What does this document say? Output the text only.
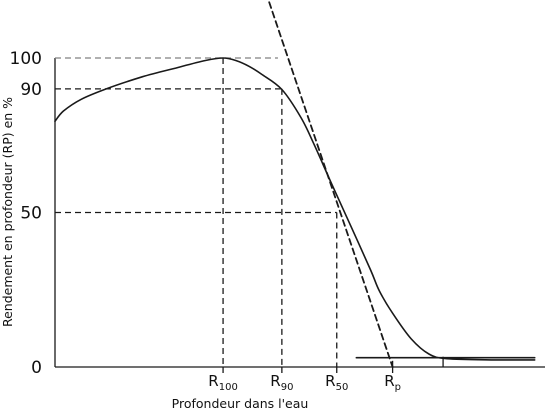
100
90
50
0
$R_{100}$ $R_{90}$ $R_{50}$ $R_p$
Rendement en profondeur (RP) en %
Profondeur dans l'eau
